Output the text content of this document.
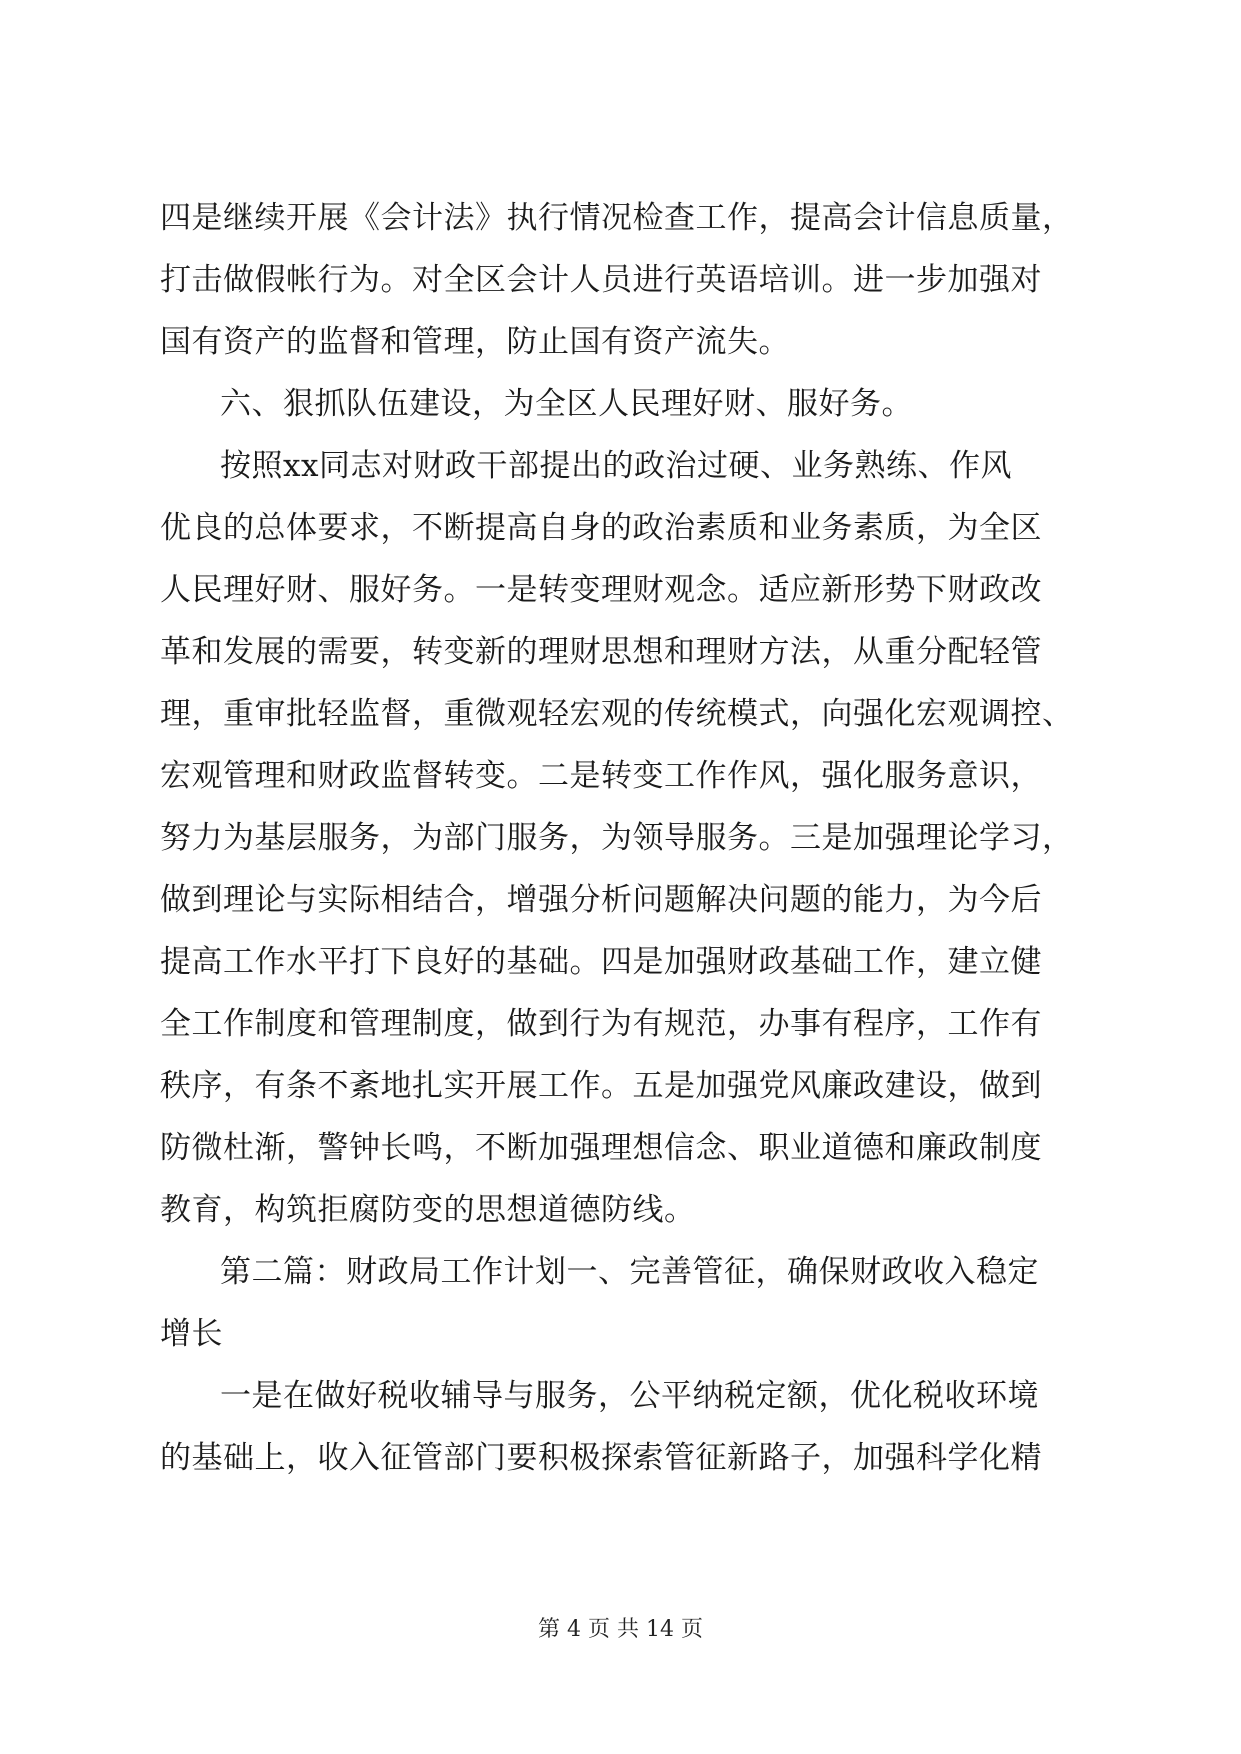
四是继续开展《会计法》执行情况检查工作，提高会计信息质量，
打击做假帐行为。对全区会计人员进行英语培训。进一步加强对
国有资产的监督和管理，防止国有资产流失。
六、狠抓队伍建设，为全区人民理好财、服好务。
按照xx同志对财政干部提出的政治过硬、业务熟练、作风
优良的总体要求，不断提高自身的政治素质和业务素质，为全区
人民理好财、服好务。一是转变理财观念。适应新形势下财政改
革和发展的需要，转变新的理财思想和理财方法，从重分配轻管
理，重审批轻监督，重微观轻宏观的传统模式，向强化宏观调控、
宏观管理和财政监督转变。二是转变工作作风，强化服务意识，
努力为基层服务，为部门服务，为领导服务。三是加强理论学习，
做到理论与实际相结合，增强分析问题解决问题的能力，为今后
提高工作水平打下良好的基础。四是加强财政基础工作，建立健
全工作制度和管理制度，做到行为有规范，办事有程序，工作有
秩序，有条不紊地扎实开展工作。五是加强党风廉政建设，做到
防微杜渐，警钟长鸣，不断加强理想信念、职业道德和廉政制度
教育，构筑拒腐防变的思想道德防线。
第二篇：财政局工作计划一、完善管征，确保财政收入稳定
增长
一是在做好税收辅导与服务，公平纳税定额，优化税收环境
的基础上，收入征管部门要积极探索管征新路子，加强科学化精
第 4 页 共 14 页
